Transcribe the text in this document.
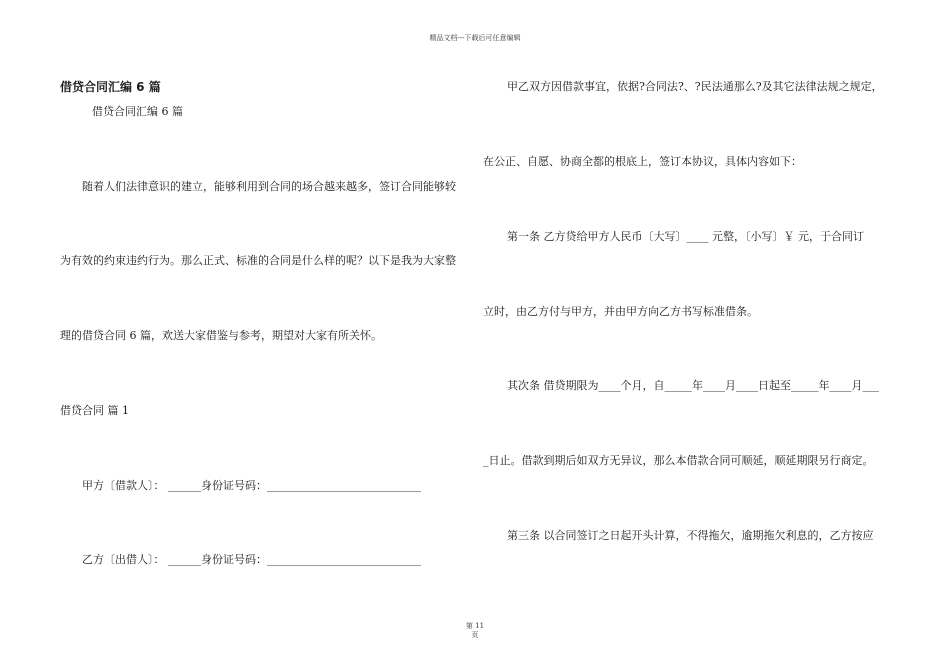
精品文档---下载后可任意编辑
借贷合同汇编 6 篇
借贷合同汇编 6 篇
随着人们法律意识的建立，能够利用到合同的场合越来越多，签订合同能够较
为有效的约束违约行为。那么正式、标准的合同是什么样的呢？以下是我为大家整
理的借贷合同 6 篇，欢送大家借鉴与参考，期望对大家有所关怀。
借贷合同 篇 1
甲方〔借款人〕： ______身份证号码：____________________________
乙方〔出借人〕： ______身份证号码：____________________________
甲乙双方因借款事宜，依据?合同法?、?民法通那么?及其它法律法规之规定，
在公正、自愿、协商全都的根底上，签订本协议，具体内容如下：
第一条 乙方贷给甲方人民币〔大写〕____ 元整，〔小写〕￥ 元，于合同订
立时，由乙方付与甲方，并由甲方向乙方书写标准借条。
其次条 借贷期限为____个月，自_____年____月____日起至_____年____月___
_日止。借款到期后如双方无异议，那么本借款合同可顺延，顺延期限另行商定。
第三条 以合同签订之日起开头计算，不得拖欠，逾期拖欠利息的，乙方按应
第 11
页
